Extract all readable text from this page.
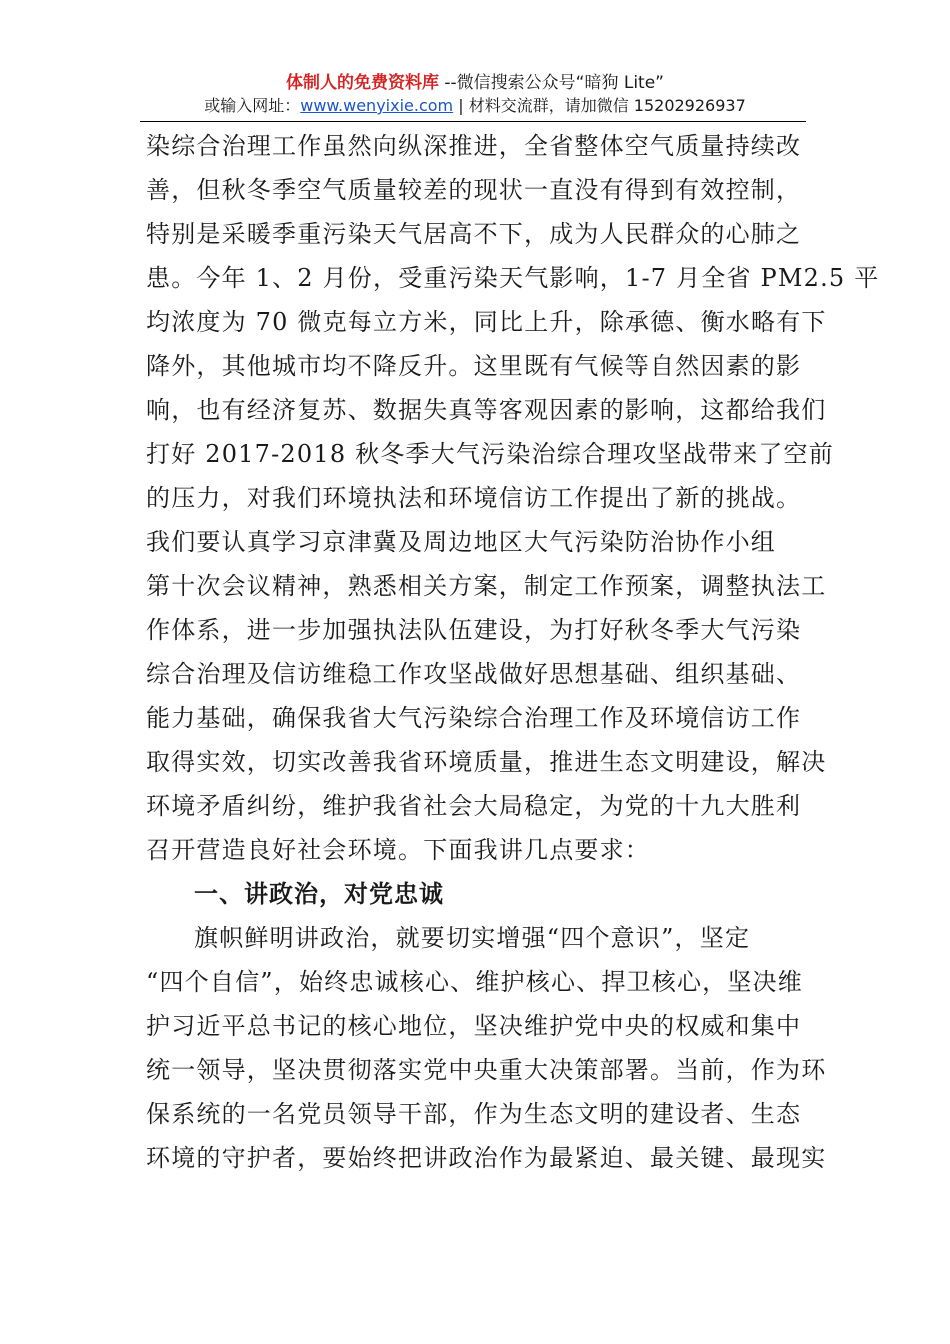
体制人的免费资料库 --微信搜索公众号“暗狗 Lite”
或输入网址：www.wenyixie.com | 材料交流群，请加微信 15202926937
染综合治理工作虽然向纵深推进，全省整体空气质量持续改
善，但秋冬季空气质量较差的现状一直没有得到有效控制，
特别是采暖季重污染天气居高不下，成为人民群众的心肺之
患。今年 1、2 月份，受重污染天气影响，1-7 月全省 PM2.5 平
均浓度为 70 微克每立方米，同比上升，除承德、衡水略有下
降外，其他城市均不降反升。这里既有气候等自然因素的影
响，也有经济复苏、数据失真等客观因素的影响，这都给我们
打好 2017-2018 秋冬季大气污染治综合理攻坚战带来了空前
的压力，对我们环境执法和环境信访工作提出了新的挑战。
我们要认真学习京津冀及周边地区大气污染防治协作小组
第十次会议精神，熟悉相关方案，制定工作预案，调整执法工
作体系，进一步加强执法队伍建设，为打好秋冬季大气污染
综合治理及信访维稳工作攻坚战做好思想基础、组织基础、
能力基础，确保我省大气污染综合治理工作及环境信访工作
取得实效，切实改善我省环境质量，推进生态文明建设，解决
环境矛盾纠纷，维护我省社会大局稳定，为党的十九大胜利
召开营造良好社会环境。下面我讲几点要求：
一、讲政治，对党忠诚
旗帜鲜明讲政治，就要切实增强“四个意识”，坚定
“四个自信”，始终忠诚核心、维护核心、捍卫核心，坚决维
护习近平总书记的核心地位，坚决维护党中央的权威和集中
统一领导，坚决贯彻落实党中央重大决策部署。当前，作为环
保系统的一名党员领导干部，作为生态文明的建设者、生态
环境的守护者，要始终把讲政治作为最紧迫、最关键、最现实
